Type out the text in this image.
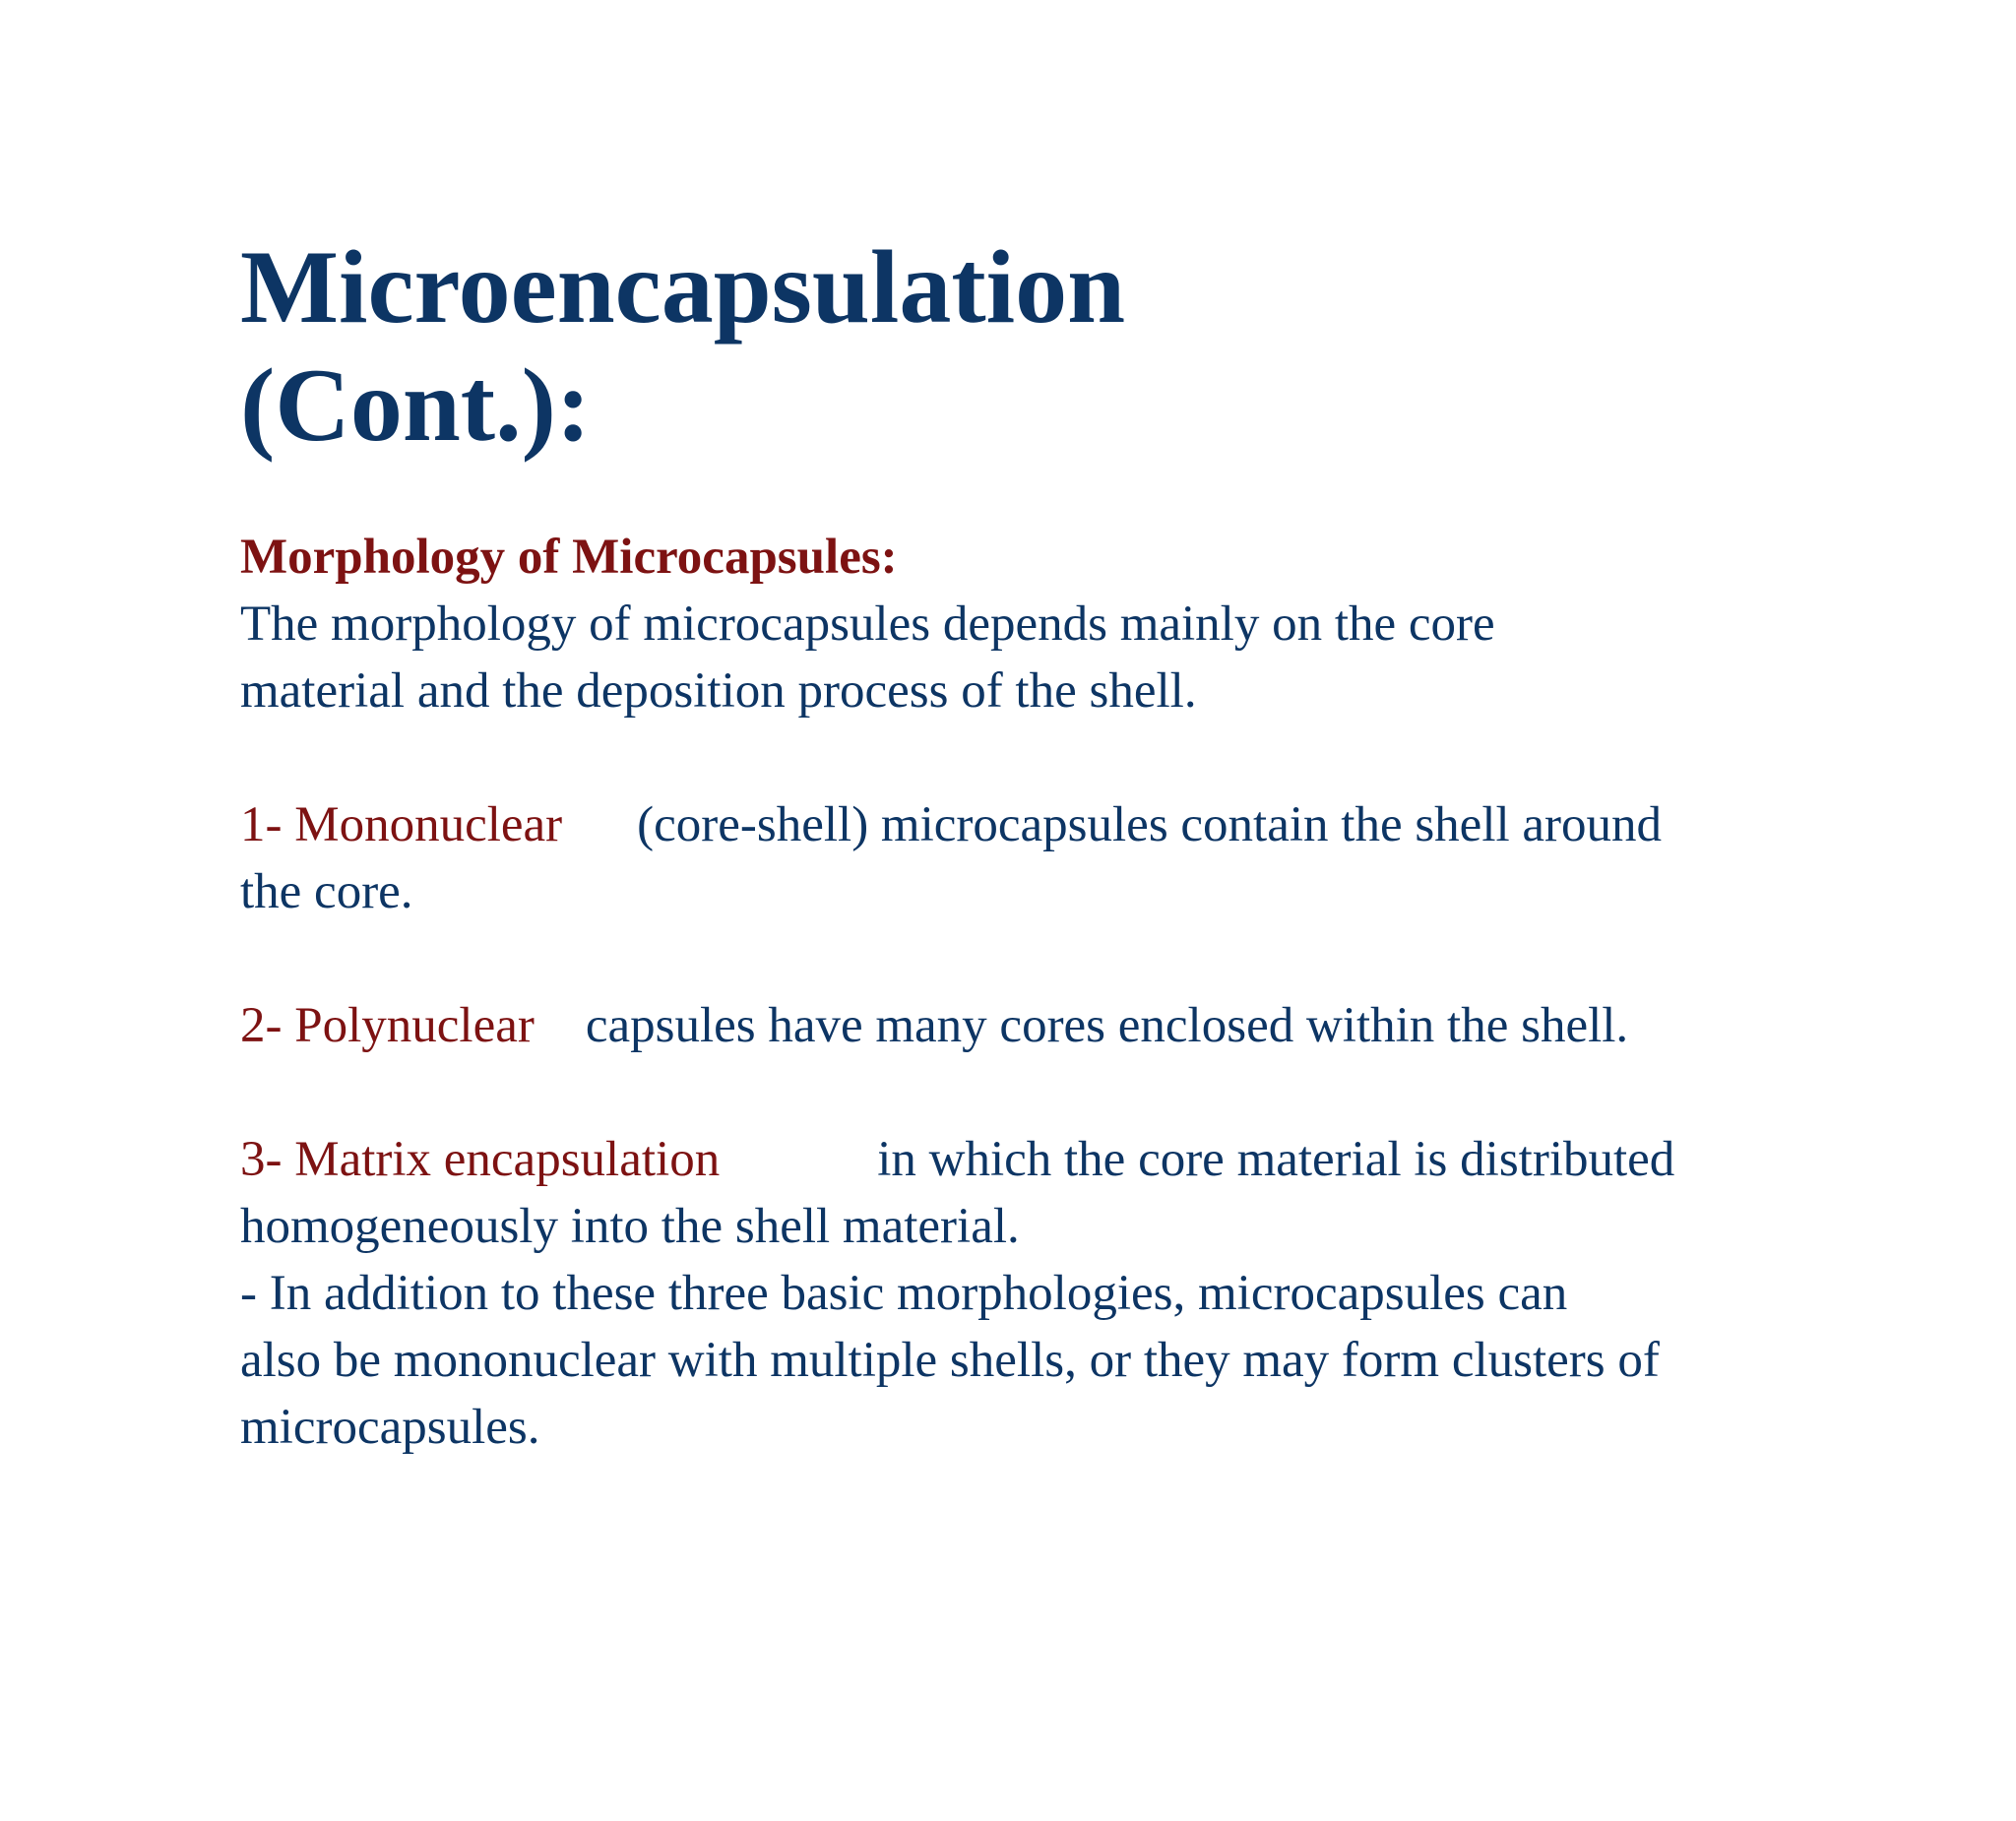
Microencapsulation
(Cont.):
Morphology of Microcapsules:
The morphology of microcapsules depends mainly on the core
material and the deposition process of the shell.
1- Mononuclear (core-shell) microcapsules contain the shell around
the core.
2- Polynuclear capsules have many cores enclosed within the shell.
3- Matrix encapsulation	in which the core material is distributed
homogeneously into the shell material.
- In addition to these three basic morphologies, microcapsules can
also be mononuclear with multiple shells, or they may form clusters of
microcapsules.
